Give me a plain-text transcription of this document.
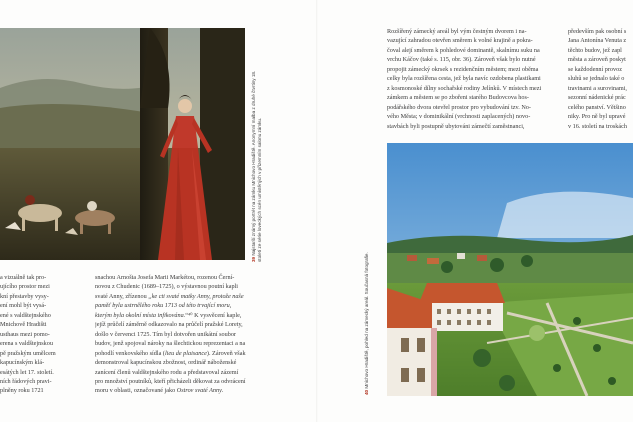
39 Najstarší známý portrét na zámku Mnichovo Hradiště. Anonymní malba z druhé čtvrtiny 18. století ze série loveckých scén umístěných v přízemním salonu zámku.
a vizuálně tak pro-
ujícího prostor mezi
kní přestavby vysy-
ení mohl být vysá-
ené s valdštejnského
Mnichově Hradišti
usthaus mezi pomo-
erena s valdštejnskou
pě pražským umělcem
kapucínským klá-
esátých let 17. století.
ních řádových pravi-
plněny roku 1721
snachou Arnošta Josefa Marii Markétou, rozenou Černí-
novou z Chudenic (1689–1725), o výstavnou poutní kapli
svaté Anny, zřízenou „ke cti svaté matky Anny, protože naše
paměť byla ustrnělého roku 1713 od této trvající moru,
kterým byla okolní místa infikována.“⁴⁰ K vysvěcení kaple,
jejíž průčelí záměrně odkazovalo na průčelí pražské Lorety,
došlo v červenci 1725. Tím byl dotvořen unikátní soubor
budov, jenž spojoval nároky na šlechtickou reprezentaci a na
pohodlí venkovského sídla (lieu de plaisance). Zároveň však
demonstroval kapucínskou zbožnost, ordinář náboženské
zanícení členů valdštejnského rodu a představoval zázemí
pro množství poutníků, kteří přicházeli děkovat za odvrácení
moru v oblasti, označované jako Ostrov svaté Anny.
Rozšířený zámecký areál byl vým čestným dvorem i na-
vazující zahradou otevřen směrem k volné krajině a pokra-
čoval alejí směrem k pohledové dominantě, skalnímu suku na
vrchu Káčov (také s. 115, obr. 36). Zároveň však bylo nutné
propojit zámecký okrsek s rezidenčním městem; mezi oběma
celky byla rozšířena cesta, jež byla navíc ozdobena plastikami
z kosmonoské dílny sochařské rodiny Jelínků. V místech mezi
zámkem a městem se po zbořeni starého Budovcova hos-
podářského dvora otevřel prostor pro vybudování tzv. No-
vého Města; v dominikální (vrchnosti zaplacených) novo-
stavbách byli postupně ubytováni zámečtí zaměstnanci,
především pak osobní s
Jana Antonína Venuta z
těchto budov, jež zapl
města a zároveň poskyt
se každodenní provoz
sluhů se jednalo také o
travinami a surovinami,
sezonní nádenické prác
celého panství. Většino
niky. Pro ně byl upravé
v 16. století na troskách
40 Mnichovo Hradiště, pohled na zámecký areál. Současná fotografie.
